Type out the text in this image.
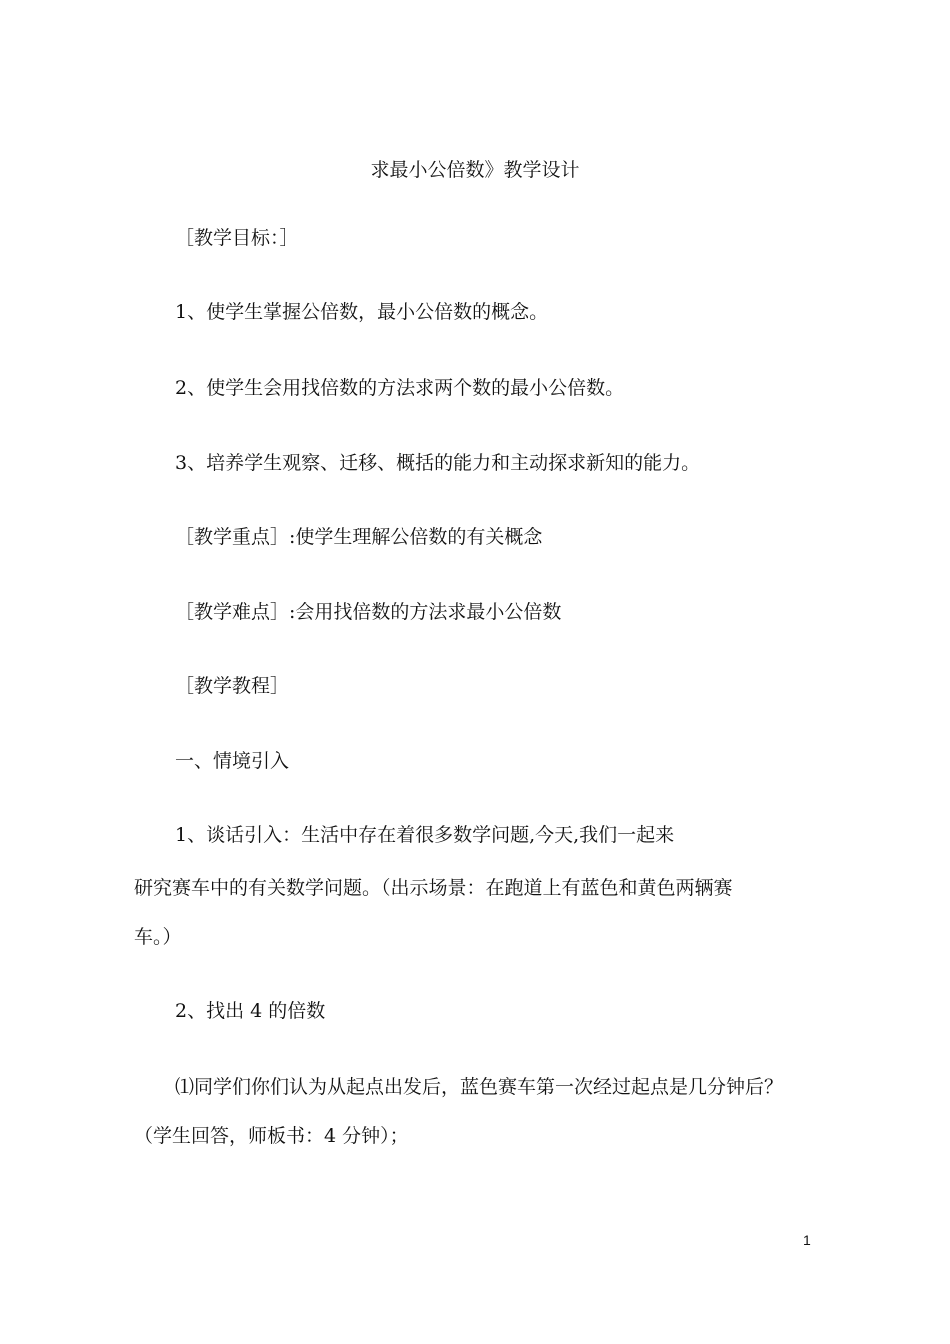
求最小公倍数》教学设计
［教学目标：］
1、使学生掌握公倍数，最小公倍数的概念。
2、使学生会用找倍数的方法求两个数的最小公倍数。
3、培养学生观察、迁移、概括的能力和主动探求新知的能力。
［教学重点］:使学生理解公倍数的有关概念
［教学难点］:会用找倍数的方法求最小公倍数
［教学教程］
一、情境引入
1、谈话引入：生活中存在着很多数学问题,今天,我们一起来
研究赛车中的有关数学问题。（出示场景：在跑道上有蓝色和黄色两辆赛
车。）
2、找出 4 的倍数
⑴同学们你们认为从起点出发后，蓝色赛车第一次经过起点是几分钟后？
（学生回答，师板书：4 分钟）；
1
